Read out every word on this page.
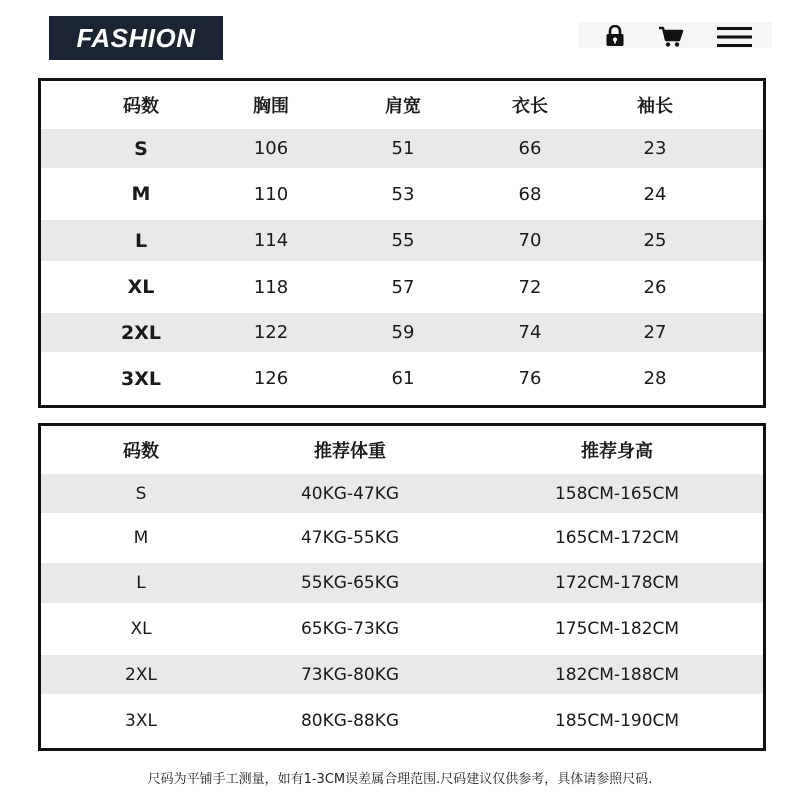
FASHION
码数	胸围	肩宽	衣长	袖长
S	106	51	66	23
M	110	53	68	24
L	114	55	70	25
XL	118	57	72	26
2XL	122	59	74	27
3XL	126	61	76	28
码数	推荐体重	推荐身高
S	40KG-47KG	158CM-165CM
M	47KG-55KG	165CM-172CM
L	55KG-65KG	172CM-178CM
XL	65KG-73KG	175CM-182CM
2XL	73KG-80KG	182CM-188CM
3XL	80KG-88KG	185CM-190CM
尺码为平铺手工测量，如有1-3CM误差属合理范围.尺码建议仅供参考，具体请参照尺码.
